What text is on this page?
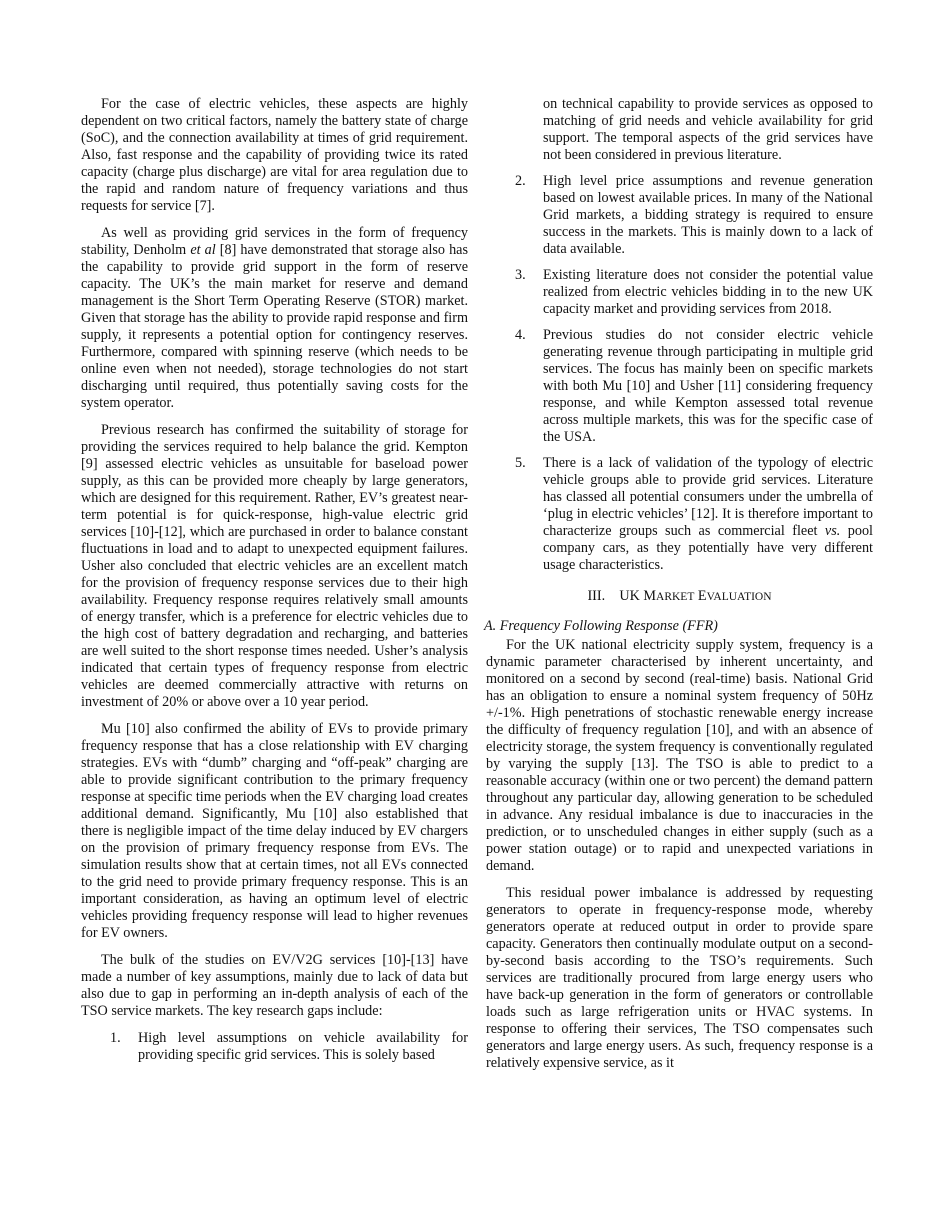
For the case of electric vehicles, these aspects are highly dependent on two critical factors, namely the battery state of charge (SoC), and the connection availability at times of grid requirement. Also, fast response and the capability of providing twice its rated capacity (charge plus discharge) are vital for area regulation due to the rapid and random nature of frequency variations and thus requests for service [7].

As well as providing grid services in the form of frequency stability, Denholm et al [8] have demonstrated that storage also has the capability to provide grid support in the form of reserve capacity. The UK’s the main market for reserve and demand management is the Short Term Operating Reserve (STOR) market. Given that storage has the ability to provide rapid response and firm supply, it represents a potential option for contingency reserves. Furthermore, compared with spinning reserve (which needs to be online even when not needed), storage technologies do not start discharging until required, thus potentially saving costs for the system operator.

Previous research has confirmed the suitability of storage for providing the services required to help balance the grid. Kempton [9] assessed electric vehicles as unsuitable for baseload power supply, as this can be provided more cheaply by large generators, which are designed for this requirement. Rather, EV’s greatest near-term potential is for quick-response, high-value electric grid services [10]-[12], which are purchased in order to balance constant fluctuations in load and to adapt to unexpected equipment failures. Usher also concluded that electric vehicles are an excellent match for the provision of frequency response services due to their high availability. Frequency response requires relatively small amounts of energy transfer, which is a preference for electric vehicles due to the high cost of battery degradation and recharging, and batteries are well suited to the short response times needed. Usher’s analysis indicated that certain types of frequency response from electric vehicles are deemed commercially attractive with returns on investment of 20% or above over a 10 year period.

Mu [10] also confirmed the ability of EVs to provide primary frequency response that has a close relationship with EV charging strategies. EVs with “dumb” charging and “off-peak” charging are able to provide significant contribution to the primary frequency response at specific time periods when the EV charging load creates additional demand. Significantly, Mu [10] also established that there is negligible impact of the time delay induced by EV chargers on the provision of primary frequency response from EVs. The simulation results show that at certain times, not all EVs connected to the grid need to provide primary frequency response. This is an important consideration, as having an optimum level of electric vehicles providing frequency response will lead to higher revenues for EV owners.

The bulk of the studies on EV/V2G services [10]-[13] have made a number of key assumptions, mainly due to lack of data but also due to gap in performing an in-depth analysis of each of the TSO service markets. The key research gaps include:

1. High level assumptions on vehicle availability for providing specific grid services. This is solely based
on technical capability to provide services as opposed to matching of grid needs and vehicle availability for grid support. The temporal aspects of the grid services have not been considered in previous literature.
2. High level price assumptions and revenue generation based on lowest available prices. In many of the National Grid markets, a bidding strategy is required to ensure success in the markets. This is mainly down to a lack of data available.
3. Existing literature does not consider the potential value realized from electric vehicles bidding in to the new UK capacity market and providing services from 2018.
4. Previous studies do not consider electric vehicle generating revenue through participating in multiple grid services. The focus has mainly been on specific markets with both Mu [10] and Usher [11] considering frequency response, and while Kempton assessed total revenue across multiple markets, this was for the specific case of the USA.
5. There is a lack of validation of the typology of electric vehicle groups able to provide grid services. Literature has classed all potential consumers under the umbrella of ‘plug in electric vehicles’ [12]. It is therefore important to characterize groups such as commercial fleet vs. pool company cars, as they potentially have very different usage characteristics.
III. UK MARKET EVALUATION
A. Frequency Following Response (FFR)

For the UK national electricity supply system, frequency is a dynamic parameter characterised by inherent uncertainty, and monitored on a second by second (real-time) basis. National Grid has an obligation to ensure a nominal system frequency of 50Hz +/-1%. High penetrations of stochastic renewable energy increase the difficulty of frequency regulation [10], and with an absence of electricity storage, the system frequency is conventionally regulated by varying the supply [13]. The TSO is able to predict to a reasonable accuracy (within one or two percent) the demand pattern throughout any particular day, allowing generation to be scheduled in advance. Any residual imbalance is due to inaccuracies in the prediction, or to unscheduled changes in either supply (such as a power station outage) or to rapid and unexpected variations in demand.

This residual power imbalance is addressed by requesting generators to operate in frequency-response mode, whereby generators operate at reduced output in order to provide spare capacity. Generators then continually modulate output on a second-by-second basis according to the TSO’s requirements. Such services are traditionally procured from large energy users who have back-up generation in the form of generators or controllable loads such as large refrigeration units or HVAC systems. In response to offering their services, The TSO compensates such generators and large energy users. As such, frequency response is a relatively expensive service, as it
